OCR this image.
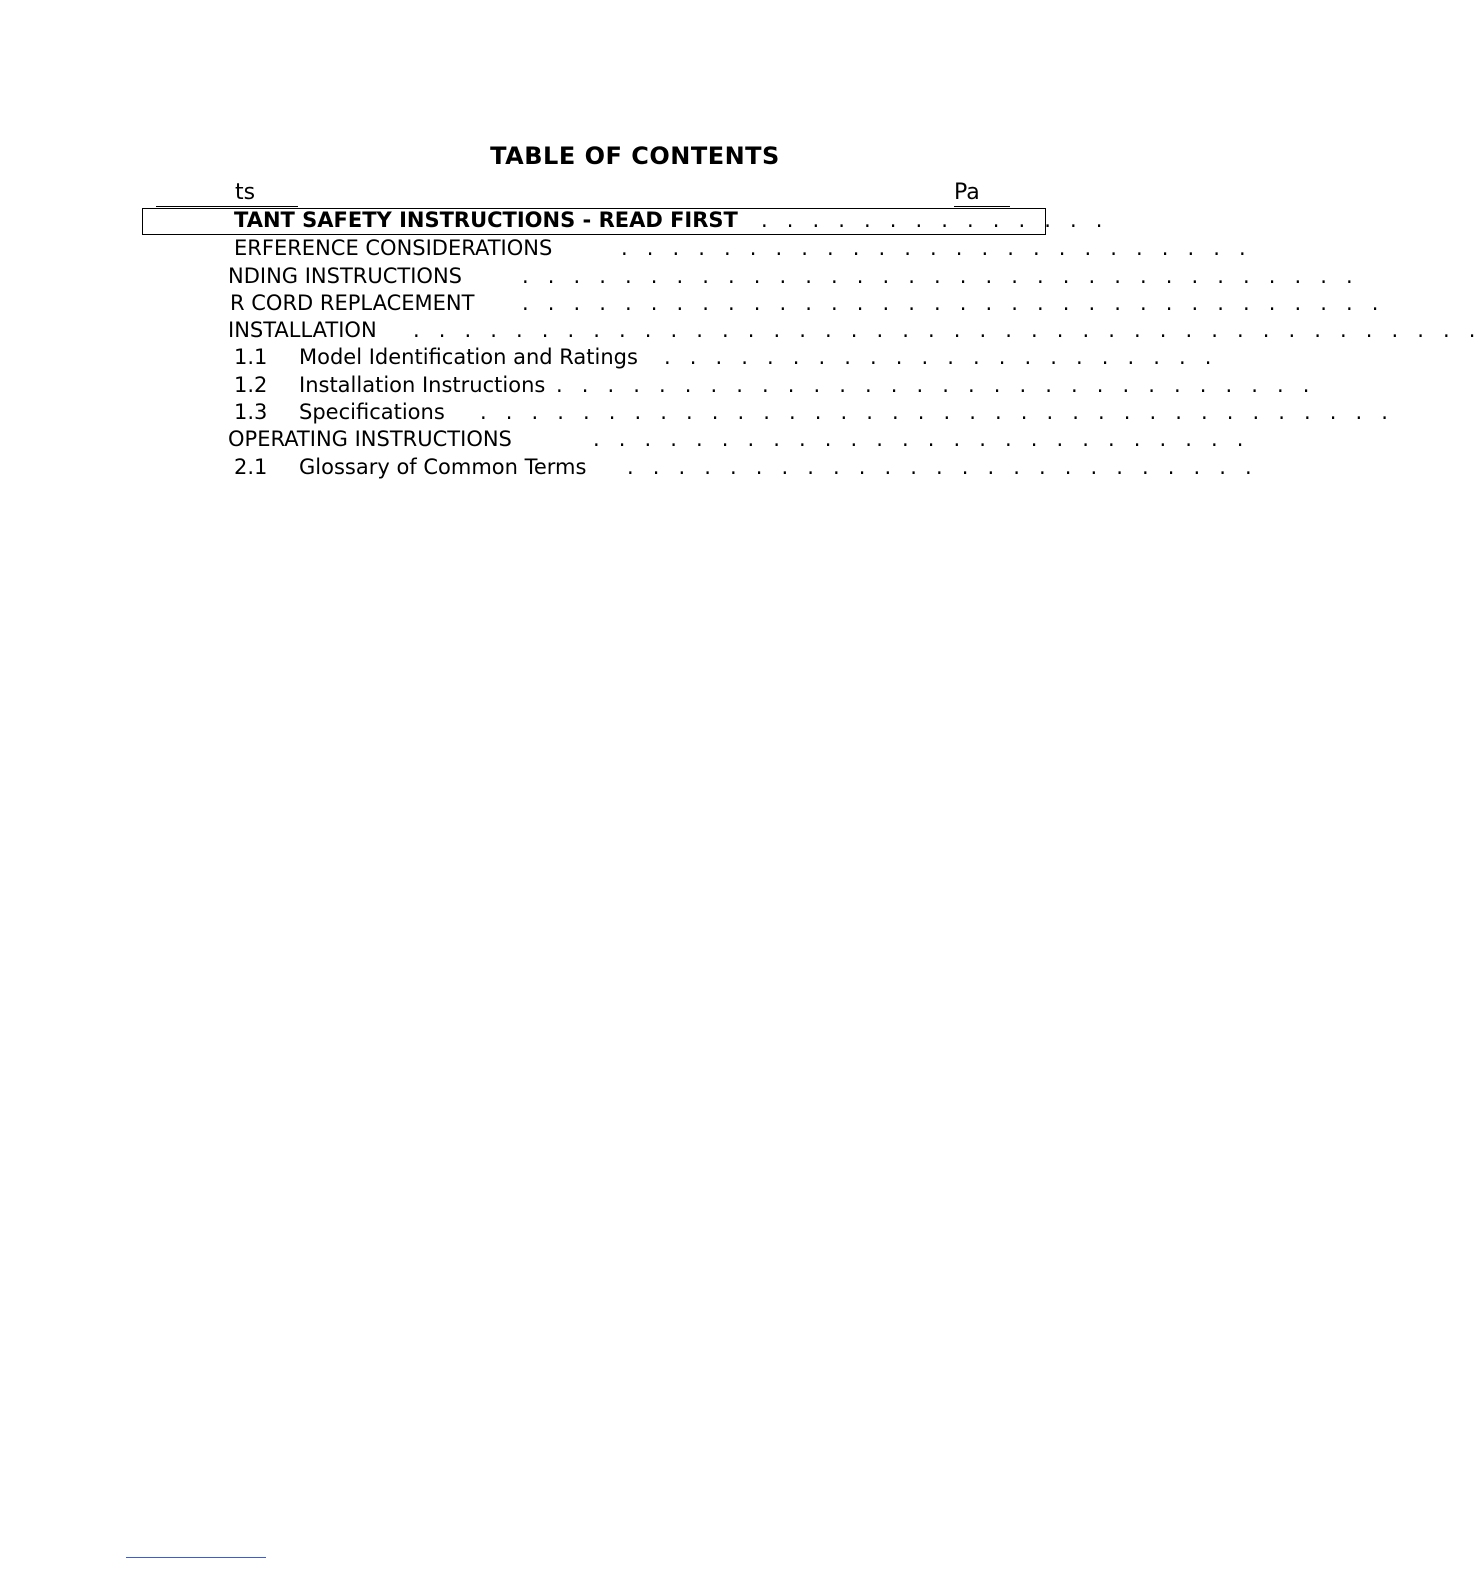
TABLE OF CONTENTS
ts	Pa
TANT SAFETY INSTRUCTIONS - READ FIRST . . . . . . . . . . . . . .
ERFERENCE CONSIDERATIONS	. . . . . . . . . . . . . . . . . . . . . . . . .
NDING INSTRUCTIONS	. . . . . . . . . . . . . . . . . . . . . . . . . . . . . . . . .
R CORD REPLACEMENT . . . . . . . . . . . . . . . . . . . . . . . . . . . . . . . . . .
INSTALLATION . . . . . . . . . . . . . . . . . . . . . . . . . . . . . . . . . . . . . . . . . .
1.1 Model Identification and Ratings . . . . . . . . . . . . . . . . . . . . . .
1.2 Installation Instructions . . . . . . . . . . . . . . . . . . . . . . . . . . . . . .
1.3 Specifications . . . . . . . . . . . . . . . . . . . . . . . . . . . . . . . . . . . .
OPERATING INSTRUCTIONS	. . . . . . . . . . . . . . . . . . . . . . . . . .
2.1 Glossary of Common Terms . . . . . . . . . . . . . . . . . . . . . . . . .
